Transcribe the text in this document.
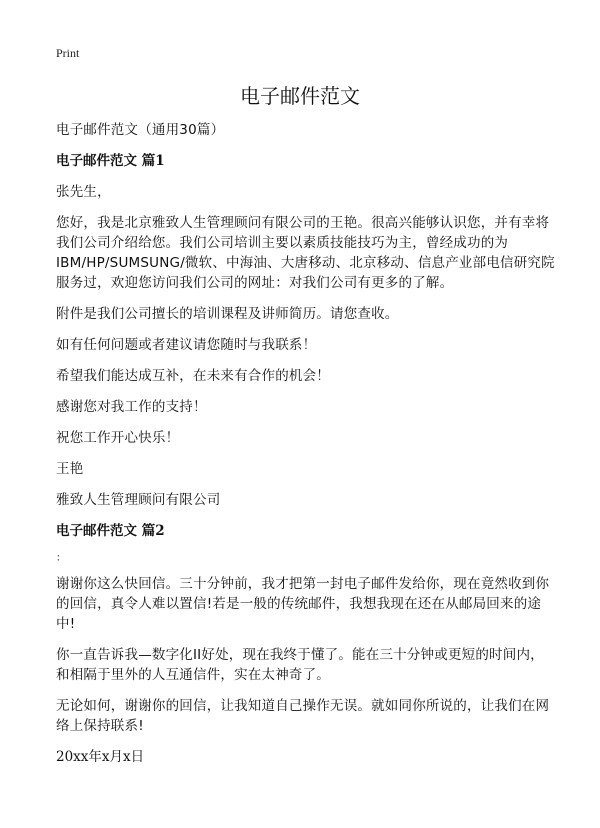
Print
电子邮件范文

电子邮件范文（通用30篇）

电子邮件范文 篇1

张先生，

您好，我是北京雅致人生管理顾问有限公司的王艳。很高兴能够认识您，并有幸将我们公司介绍给您。我们公司培训主要以素质技能技巧为主，曾经成功的为IBM/HP/SUMSUNG/微软、中海油、大唐移动、北京移动、信息产业部电信研究院服务过，欢迎您访问我们公司的网址：对我们公司有更多的了解。

附件是我们公司擅长的培训课程及讲师简历。请您查收。

如有任何问题或者建议请您随时与我联系！

希望我们能达成互补，在未来有合作的机会！

感谢您对我工作的支持！

祝您工作开心快乐！

王艳

雅致人生管理顾问有限公司

电子邮件范文 篇2

：

谢谢你这么快回信。三十分钟前，我才把第一封电子邮件发给你，现在竟然收到你的回信，真令人难以置信!若是一般的传统邮件，我想我现在还在从邮局回来的途中!

你一直告诉我—数字化II好处，现在我终于懂了。能在三十分钟或更短的时间内，和相隔于里外的人互通信件，实在太神奇了。

无论如何，谢谢你的回信，让我知道自己操作无误。就如同你所说的，让我们在网络上保持联系!

20xx年x月x日
